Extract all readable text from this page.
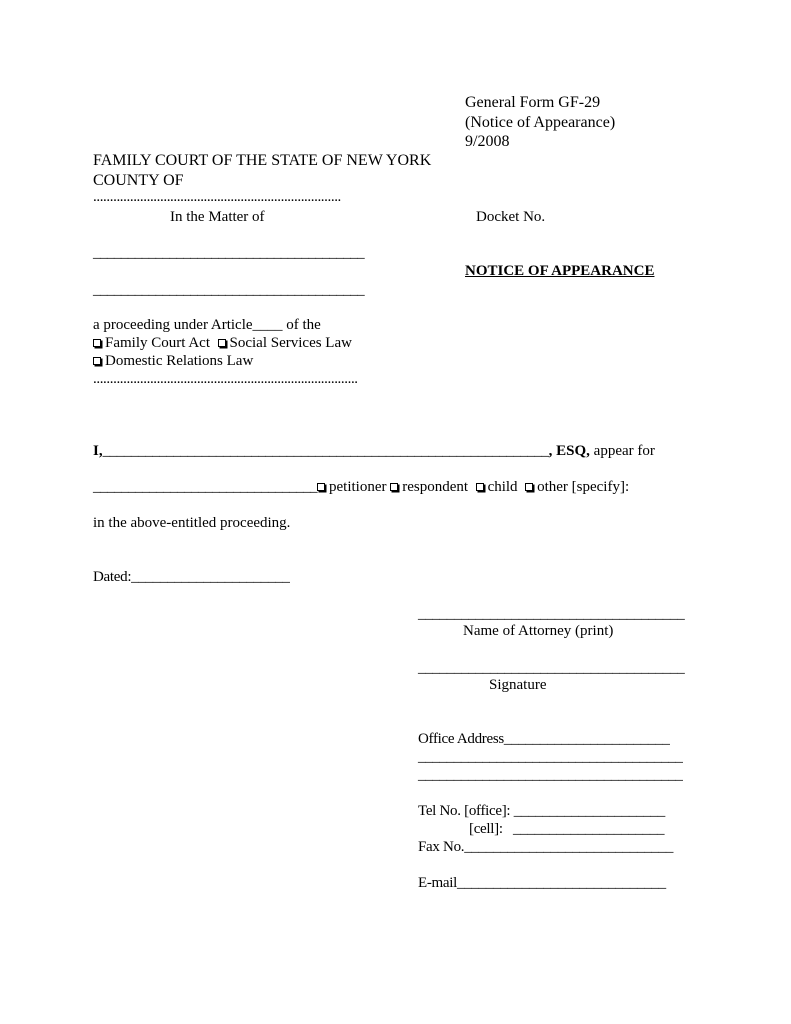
General Form GF-29
(Notice of Appearance)
9/2008
FAMILY COURT OF THE STATE OF NEW YORK
COUNTY OF
..........................................................................
In the Matter of	Docket No.
_______________________________________
NOTICE OF APPEARANCE
_______________________________________
a proceeding under Article____ of the
Family Court Act Social Services Law
Domestic Relations Law
...............................................................................
I,_______________________________________________________________, ESQ, appear for
________________________________ petitioner respondent child other [specify]:
in the above-entitled proceeding.
Dated:______________________
_____________________________________
Name of Attorney (print)
_____________________________________
Signature
Office Address_______________________
_____________________________________
_____________________________________
Tel No. [office]: _____________________
[cell]:   _____________________
Fax No._____________________________
E-mail_____________________________
